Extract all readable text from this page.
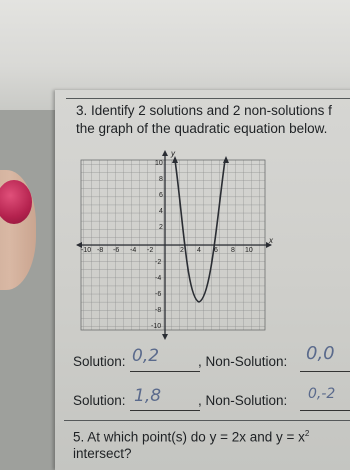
3. Identify 2 solutions and 2 non-solutions f
the graph of the quadratic equation below.
y
x
-10 -8 -6 -4 -2	2 4 6 8 10
10
8
6
4
2
-2
-4
-6
-8
-10
Solution: 0,2	, Non-Solution: 0,0
Solution: 1,8	, Non-Solution: 0,-2
5. At which point(s) do y = 2x and $y = x^2$
intersect?
